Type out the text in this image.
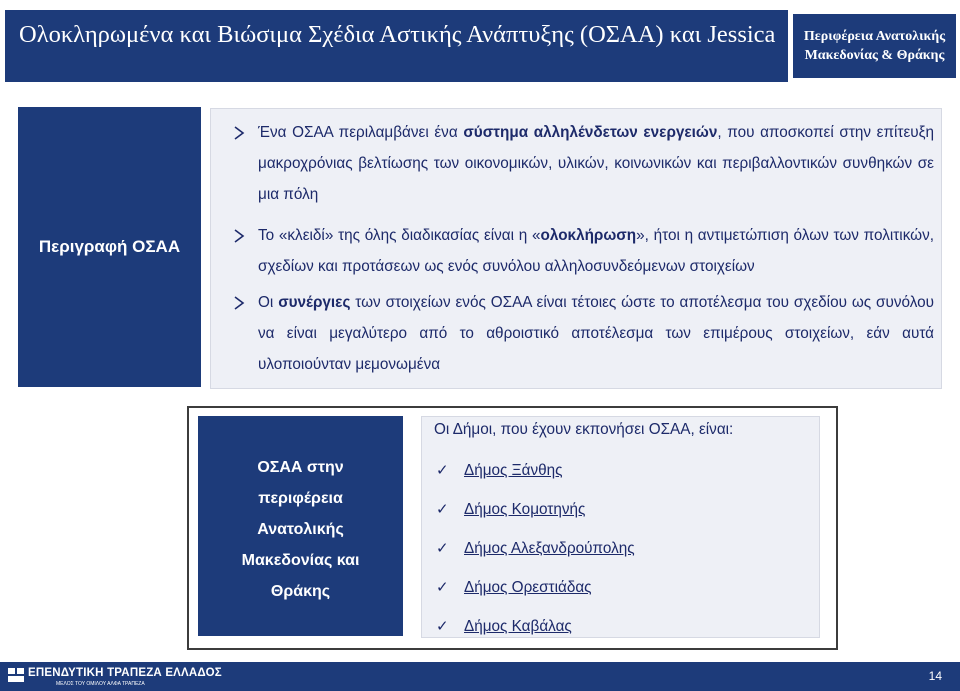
Ολοκληρωμένα και Βιώσιμα Σχέδια Αστικής Ανάπτυξης (ΟΣΑΑ) και Jessica	Περιφέρεια Ανατολικής Μακεδονίας & Θράκης
Περιγραφή ΟΣΑΑ
Ένα ΟΣΑΑ περιλαμβάνει ένα σύστημα αλληλένδετων ενεργειών, που αποσκοπεί στην επίτευξη μακροχρόνιας βελτίωσης των οικονομικών, υλικών, κοινωνικών και περιβαλλοντικών συνθηκών σε μια πόλη
Το «κλειδί» της όλης διαδικασίας είναι η «ολοκλήρωση», ήτοι η αντιμετώπιση όλων των πολιτικών, σχεδίων και προτάσεων ως ενός συνόλου αλληλοσυνδεόμενων στοιχείων
Οι συνέργιες των στοιχείων ενός ΟΣΑΑ είναι τέτοιες ώστε το αποτέλεσμα του σχεδίου ως συνόλου να είναι μεγαλύτερο από το αθροιστικό αποτέλεσμα των επιμέρους στοιχείων, εάν αυτά υλοποιούνταν μεμονωμένα
ΟΣΑΑ στην
περιφέρεια
Ανατολικής
Μακεδονίας και
Θράκης
Οι Δήμοι, που έχουν εκπονήσει ΟΣΑΑ, είναι:
✓ Δήμος Ξάνθης
✓ Δήμος Κομοτηνής
✓ Δήμος Αλεξανδρούπολης
✓ Δήμος Ορεστιάδας
✓ Δήμος Καβάλας
ΕΠΕΝΔΥΤΙΚΗ ΤΡΑΠΕΖΑ ΕΛΛΑΔΟΣ
ΜΕΛΟΣ ΤΟΥ ΟΜΙΛΟΥ ΑΛΦΑ ΤΡΑΠΕΖΑ
14
